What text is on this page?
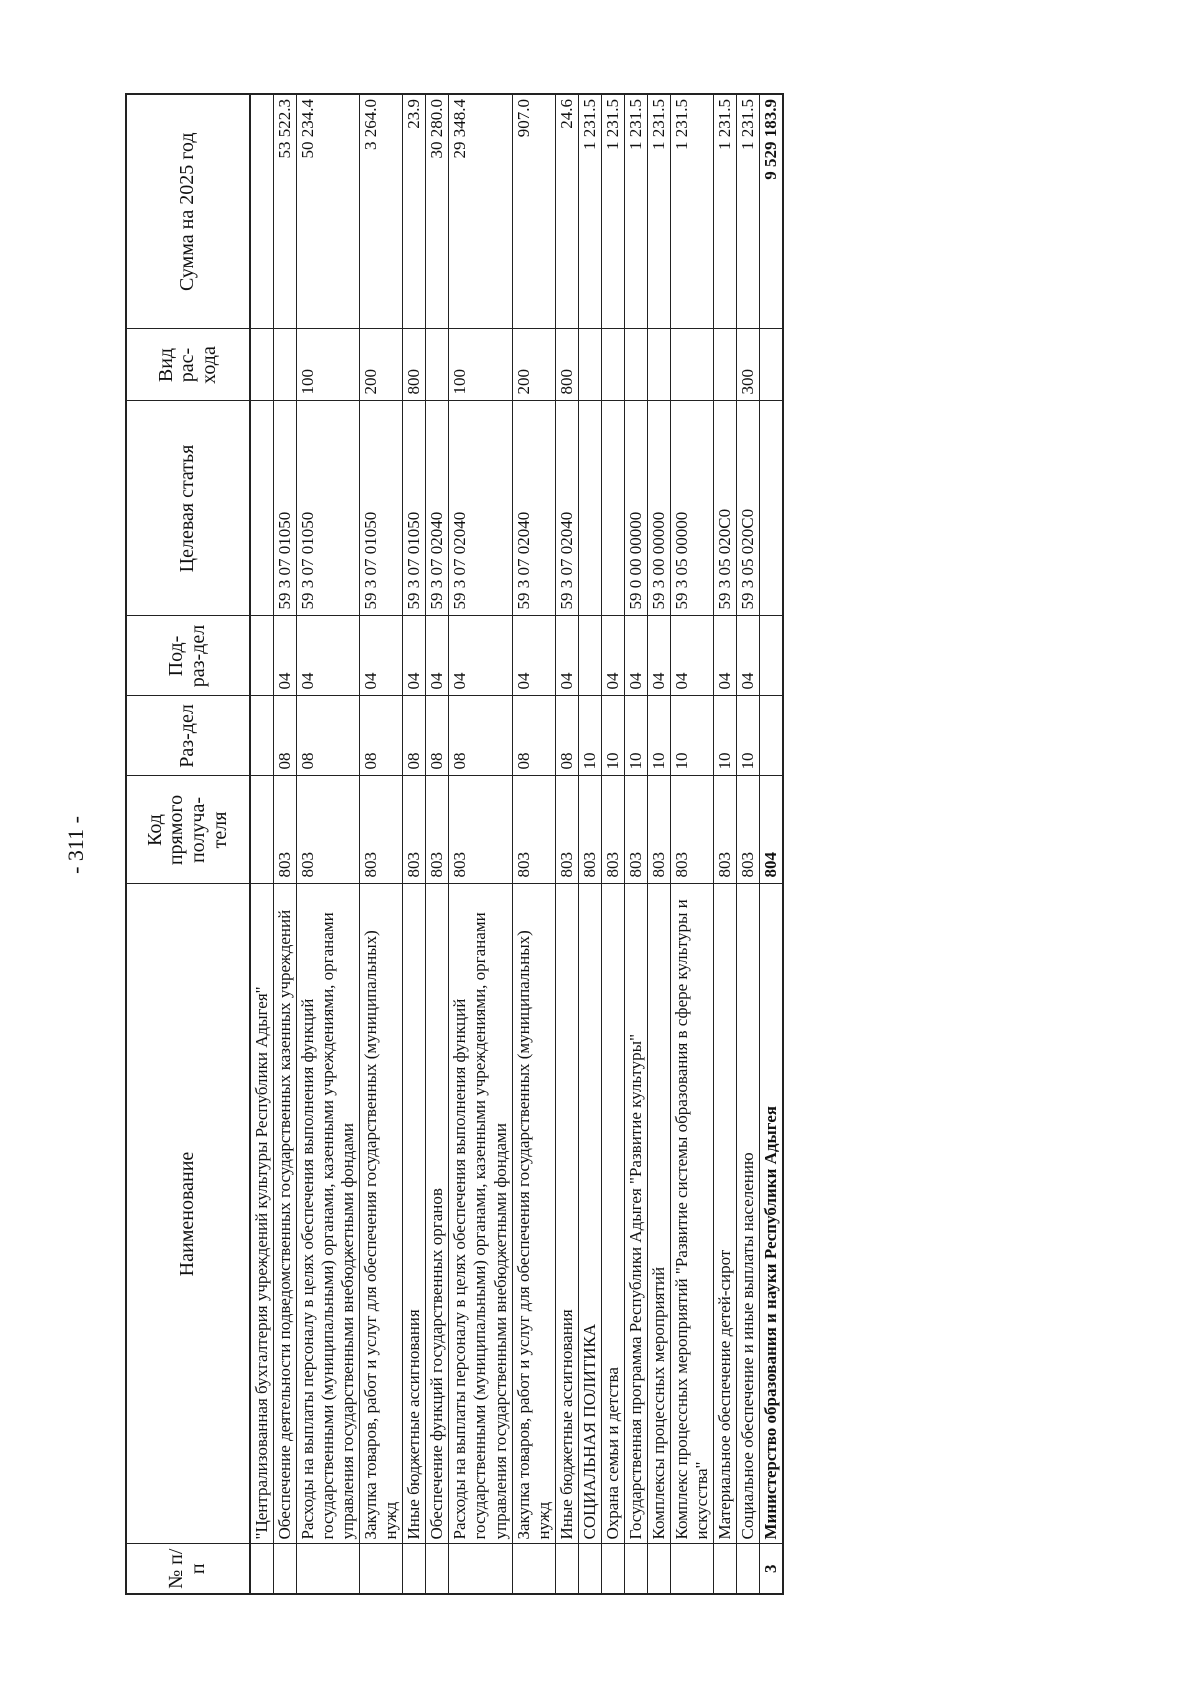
- 311 -
№ п/п	Наименование	Код прямого получа-теля	Раз-дел	Под-раз-дел	Целевая статья	Вид рас-хода	Сумма на 2025 год
	"Централизованная бухгалтерия учреждений культуры Республики Адыгея"						
	Обеспечение деятельности подведомственных государственных казенных учреждений	803	08	04	59 3 07 01050		53 522.3
	Расходы на выплаты персоналу в целях обеспечения выполнения функций государственными (муниципальными) органами, казенными учреждениями, органами управления государственными внебюджетными фондами	803	08	04	59 3 07 01050	100	50 234.4
	Закупка товаров, работ и услуг для обеспечения государственных (муниципальных) нужд	803	08	04	59 3 07 01050	200	3 264.0
	Иные бюджетные ассигнования	803	08	04	59 3 07 01050	800	23.9
	Обеспечение функций государственных органов	803	08	04	59 3 07 02040		30 280.0
	Расходы на выплаты персоналу в целях обеспечения выполнения функций государственными (муниципальными) органами, казенными учреждениями, органами управления государственными внебюджетными фондами	803	08	04	59 3 07 02040	100	29 348.4
	Закупка товаров, работ и услуг для обеспечения государственных (муниципальных) нужд	803	08	04	59 3 07 02040	200	907.0
	Иные бюджетные ассигнования	803	08	04	59 3 07 02040	800	24.6
	СОЦИАЛЬНАЯ ПОЛИТИКА	803	10				1 231.5
	Охрана семьи и детства	803	10	04			1 231.5
	Государственная программа Республики Адыгея "Развитие культуры"	803	10	04	59 0 00 00000		1 231.5
	Комплексы процессных мероприятий	803	10	04	59 3 00 00000		1 231.5
	Комплекс процессных мероприятий "Развитие системы образования в сфере культуры и искусства"	803	10	04	59 3 05 00000		1 231.5
	Материальное обеспечение детей-сирот	803	10	04	59 3 05 020C0		1 231.5
	Социальное обеспечение и иные выплаты населению	803	10	04	59 3 05 020C0	300	1 231.5
3	Министерство образования и науки Республики Адыгея	804					9 529 183.9
